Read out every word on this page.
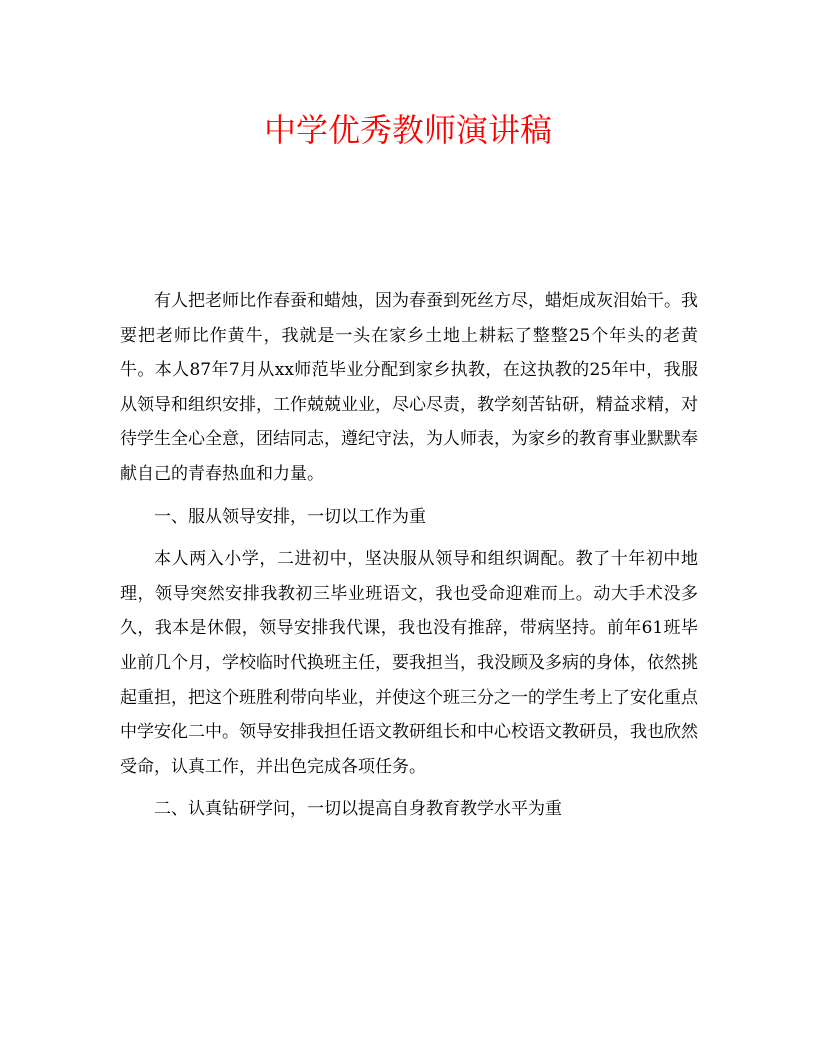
中学优秀教师演讲稿

有人把老师比作春蚕和蜡烛，因为春蚕到死丝方尽，蜡炬成灰泪始干。我要把老师比作黄牛，我就是一头在家乡土地上耕耘了整整25个年头的老黄牛。本人87年7月从xx师范毕业分配到家乡执教，在这执教的25年中，我服从领导和组织安排，工作兢兢业业，尽心尽责，教学刻苦钻研，精益求精，对待学生全心全意，团结同志，遵纪守法，为人师表，为家乡的教育事业默默奉献自己的青春热血和力量。

一、服从领导安排，一切以工作为重

本人两入小学，二进初中，坚决服从领导和组织调配。教了十年初中地理，领导突然安排我教初三毕业班语文，我也受命迎难而上。动大手术没多久，我本是休假，领导安排我代课，我也没有推辞，带病坚持。前年61班毕业前几个月，学校临时代换班主任，要我担当，我没顾及多病的身体，依然挑起重担，把这个班胜利带向毕业，并使这个班三分之一的学生考上了安化重点中学安化二中。领导安排我担任语文教研组长和中心校语文教研员，我也欣然受命，认真工作，并出色完成各项任务。

二、认真钻研学问，一切以提高自身教育教学水平为重
